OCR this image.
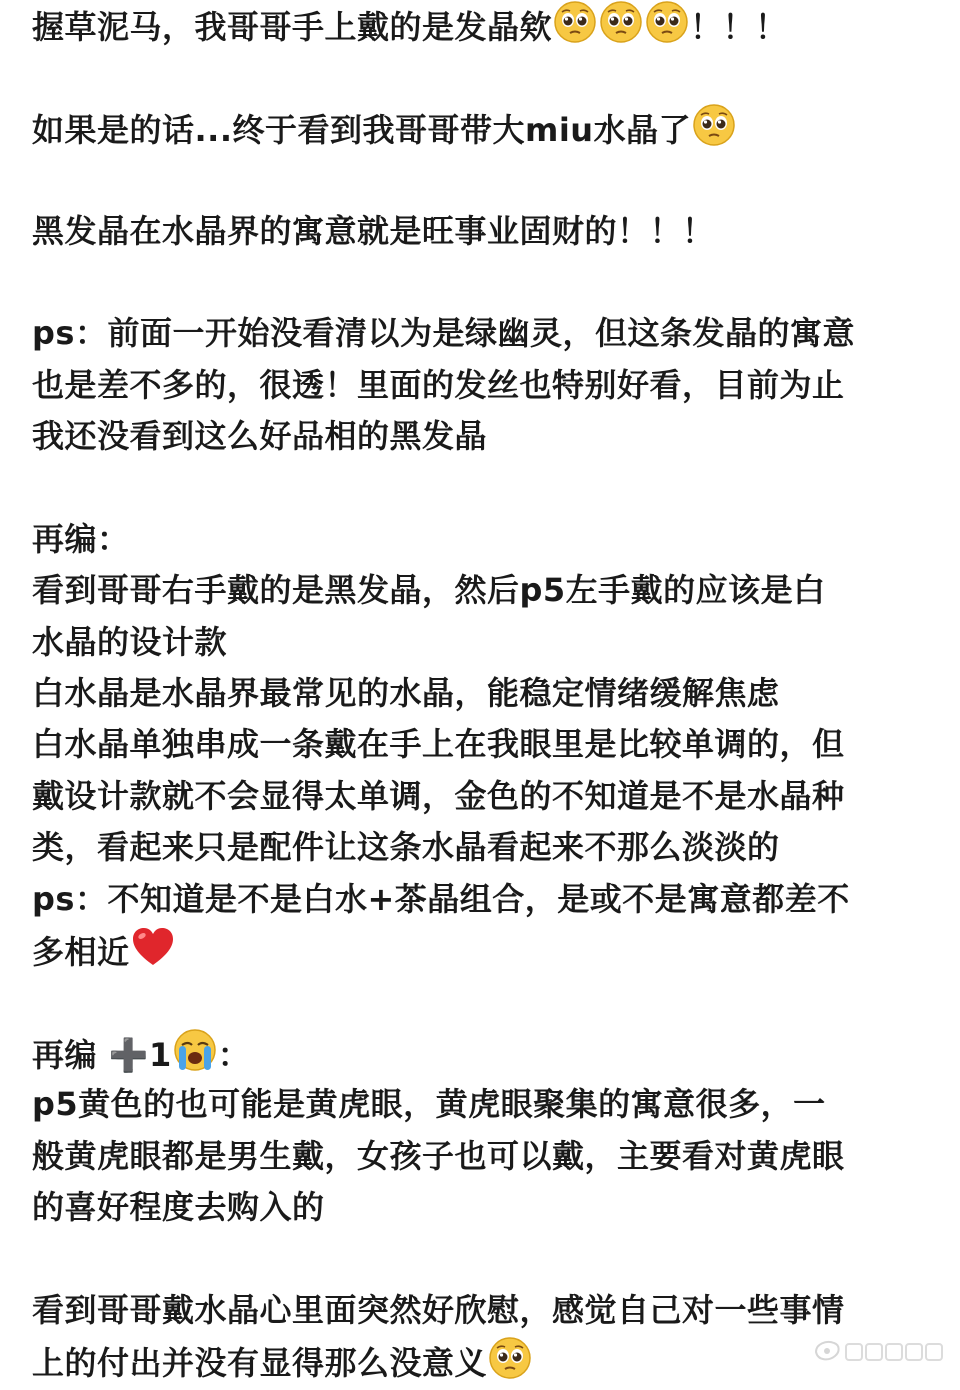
握草泥马，我哥哥手上戴的是发晶欸	！！！
如果是的话...终于看到我哥哥带大miu水晶了
黑发晶在水晶界的寓意就是旺事业固财的！！！
ps：前面一开始没看清以为是绿幽灵，但这条发晶的寓意
也是差不多的，很透！里面的发丝也特别好看，目前为止
我还没看到这么好品相的黑发晶
再编：
看到哥哥右手戴的是黑发晶，然后p5左手戴的应该是白
水晶的设计款
白水晶是水晶界最常见的水晶，能稳定情绪缓解焦虑
白水晶单独串成一条戴在手上在我眼里是比较单调的，但
戴设计款就不会显得太单调，金色的不知道是不是水晶种
类，看起来只是配件让这条水晶看起来不那么淡淡的
ps：不知道是不是白水+茶晶组合，是或不是寓意都差不
多相近
再编 ➕1 ：
p5黄色的也可能是黄虎眼，黄虎眼聚集的寓意很多，一
般黄虎眼都是男生戴，女孩子也可以戴，主要看对黄虎眼
的喜好程度去购入的
看到哥哥戴水晶心里面突然好欣慰，感觉自己对一些事情
上的付出并没有显得那么没意义
